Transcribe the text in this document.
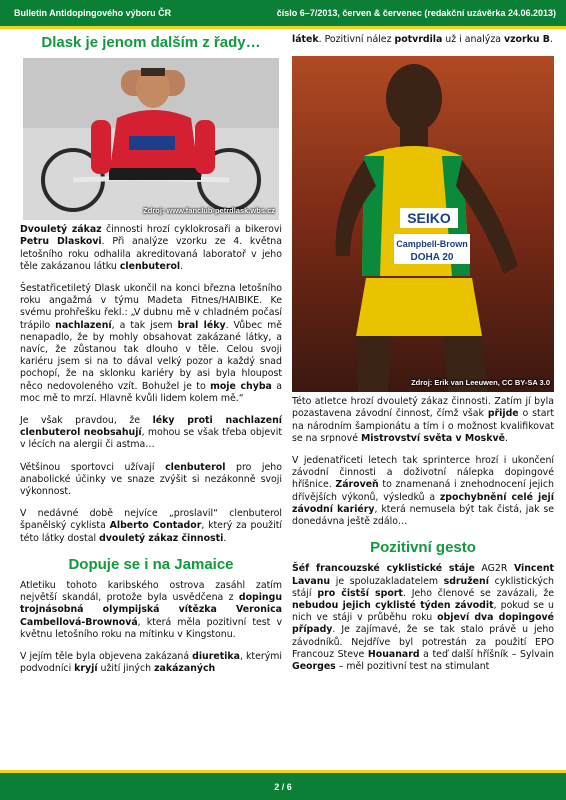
Bulletin Antidopingového výboru ČR	číslo 6–7/2013, červen & červenec (redakční uzávěrka 24.06.2013)
Dlask je jenom dalším z řady…
Zdroj: www.fanclub-petrdlask.wbs.cz

Dvouletý zákaz činnosti hrozí cyklokrosaři a bikerovi Petru Dlaskovi. Při analýze vzorku ze 4. května letošního roku odhalila akreditovaná laboratoř v jeho těle zakázanou látku clenbuterol.

Šestatřicetiletý Dlask ukončil na konci března letošního roku angažmá v týmu Madeta Fitnes/HAIBIKE. Ke svému prohřešku řekl.: „V dubnu mě v chladném počasí trápilo nachlazení, a tak jsem bral léky. Vůbec mě nenapadlo, že by mohly obsahovat zakázané látky, a navíc, že zůstanou tak dlouho v těle. Celou svoji kariéru jsem si na to dával velký pozor a každý snad pochopí, že na sklonku kariéry by asi byla hloupost něco nedovoleného vzít. Bohužel je to moje chyba a moc mě to mrzí. Hlavně kvůli lidem kolem mě.“

Je však pravdou, že léky proti nachlazení clenbuterol neobsahují, mohou se však třeba objevit v lécích na alergii či astma…

Většinou sportovci užívají clenbuterol pro jeho anabolické účinky ve snaze zvýšit si nezákonně svoji výkonnost.

V nedávné době nejvíce „proslavil“ clenbuterol španělský cyklista Alberto Contador, který za použití této látky dostal dvouletý zákaz činnosti.

Dopuje se i na Jamaice

Atletiku tohoto karibského ostrova zasáhl zatím největší skandál, protože byla usvědčena z dopingu trojnásobná olympijská vítězka Veronica Cambellová-Brownová, která měla pozitivní test v květnu letošního roku na mítinku v Kingstonu.

V jejím těle byla objevena zakázaná diuretika, kterými podvodníci kryjí užití jiných zakázaných

látek. Pozitivní nález potvrdila už i analýza vzorku B.

SEIKO
Campbell-Brown
DOHA 20
Zdroj: Erik van Leeuwen, CC BY-SA 3.0

Této atletce hrozí dvouletý zákaz činnosti. Zatím jí byla pozastavena závodní činnost, čímž však přijde o start na národním šampionátu a tím i o možnost kvalifikovat se na srpnové Mistrovství světa v Moskvě.

V jedenatřiceti letech tak sprinterce hrozí i ukončení závodní činnosti a doživotní nálepka dopingové hříšnice. Zároveň to znamenaná i znehodnocení jejich dřívějších výkonů, výsledků a zpochybnění celé její závodní kariéry, která nemusela být tak čistá, jak se donedávna ještě zdálo…

Pozitivní gesto

Šéf francouzské cyklistické stáje AG2R Vincent Lavanu je spoluzakladatelem sdružení cyklistických stájí pro čistší sport. Jeho členové se zavázali, že nebudou jejich cyklisté týden závodit, pokud se u nich ve stáji v průběhu roku objeví dva dopingové případy. Je zajímavé, že se tak stalo právě u jeho závodníků. Nejdříve byl potrestán za použití EPO Francouz Steve Houanard a teď další hříšník – Sylvain Georges – měl pozitivní test na stimulant

2 / 6
